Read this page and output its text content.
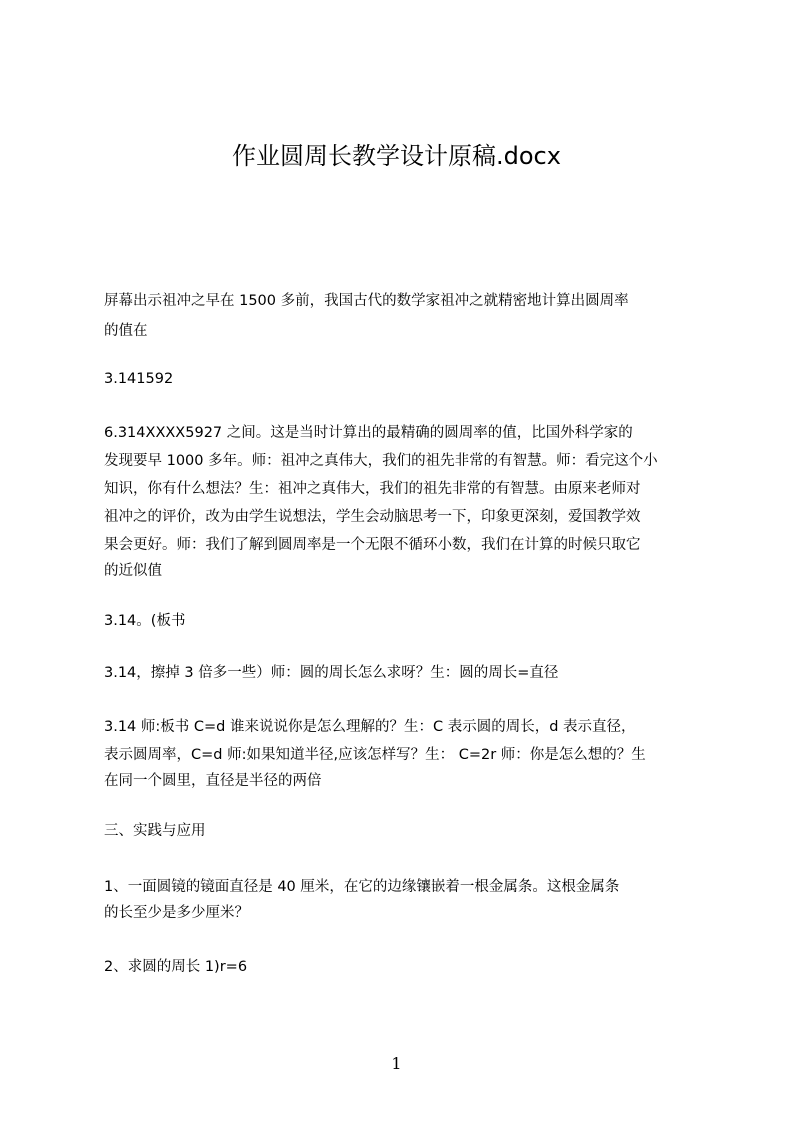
作业圆周长教学设计原稿.docx
屏幕出示祖冲之早在 1500 多前，我国古代的数学家祖冲之就精密地计算出圆周率
的值在
3.141592
6.314XXXX5927 之间。这是当时计算出的最精确的圆周率的值，比国外科学家的
发现要早 1000 多年。师：祖冲之真伟大，我们的祖先非常的有智慧。师：看完这个小
知识，你有什么想法？生：祖冲之真伟大，我们的祖先非常的有智慧。由原来老师对
祖冲之的评价，改为由学生说想法，学生会动脑思考一下，印象更深刻，爱国教学效
果会更好。师：我们了解到圆周率是一个无限不循环小数，我们在计算的时候只取它
的近似值
3.14。(板书
3.14，擦掉 3 倍多一些）师：圆的周长怎么求呀？生：圆的周长=直径
3.14 师:板书 C=d 谁来说说你是怎么理解的？生：C 表示圆的周长，d 表示直径，
表示圆周率，C=d 师:如果知道半径,应该怎样写？生： C=2r 师：你是怎么想的？生
在同一个圆里，直径是半径的两倍
三、实践与应用
1、一面圆镜的镜面直径是 40 厘米，在它的边缘镶嵌着一根金属条。这根金属条
的长至少是多少厘米？
2、求圆的周长 1)r=6
1
